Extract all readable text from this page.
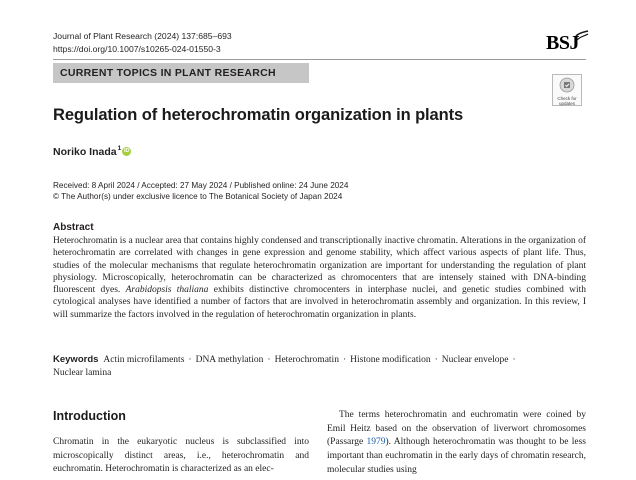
Journal of Plant Research (2024) 137:685–693
https://doi.org/10.1007/s10265-024-01550-3	BSJ
CURRENT TOPICS IN PLANT RESEARCH
Check for
updates
Regulation of heterochromatin organization in plants
Noriko Inada 1 iD
Received: 8 April 2024 / Accepted: 27 May 2024 / Published online: 24 June 2024
© The Author(s) under exclusive licence to The Botanical Society of Japan 2024
Abstract
Heterochromatin is a nuclear area that contains highly condensed and transcriptionally inactive chromatin. Alterations in the organization of heterochromatin are correlated with changes in gene expression and genome stability, which affect various aspects of plant life. Thus, studies of the molecular mechanisms that regulate heterochromatin organization are important for understanding the regulation of plant physiology. Microscopically, heterochromatin can be characterized as chromocenters that are intensely stained with DNA-binding fluorescent dyes. Arabidopsis thaliana exhibits distinctive chromocenters in interphase nuclei, and genetic studies combined with cytological analyses have identified a number of factors that are involved in heterochromatin assembly and organization. In this review, I will summarize the factors involved in the regulation of heterochromatin organization in plants.
Keywords Actin microfilaments · DNA methylation · Heterochromatin · Histone modification · Nuclear envelope ·
Nuclear lamina
Introduction
Chromatin in the eukaryotic nucleus is subclassified into microscopically distinct areas, i.e., heterochromatin and euchromatin. Heterochromatin is characterized as an elec-
The terms heterochromatin and euchromatin were coined by Emil Heitz based on the observation of liverwort chromosomes (Passarge 1979). Although heterochromatin was thought to be less important than euchromatin in the early days of chromatin research, molecular studies using
